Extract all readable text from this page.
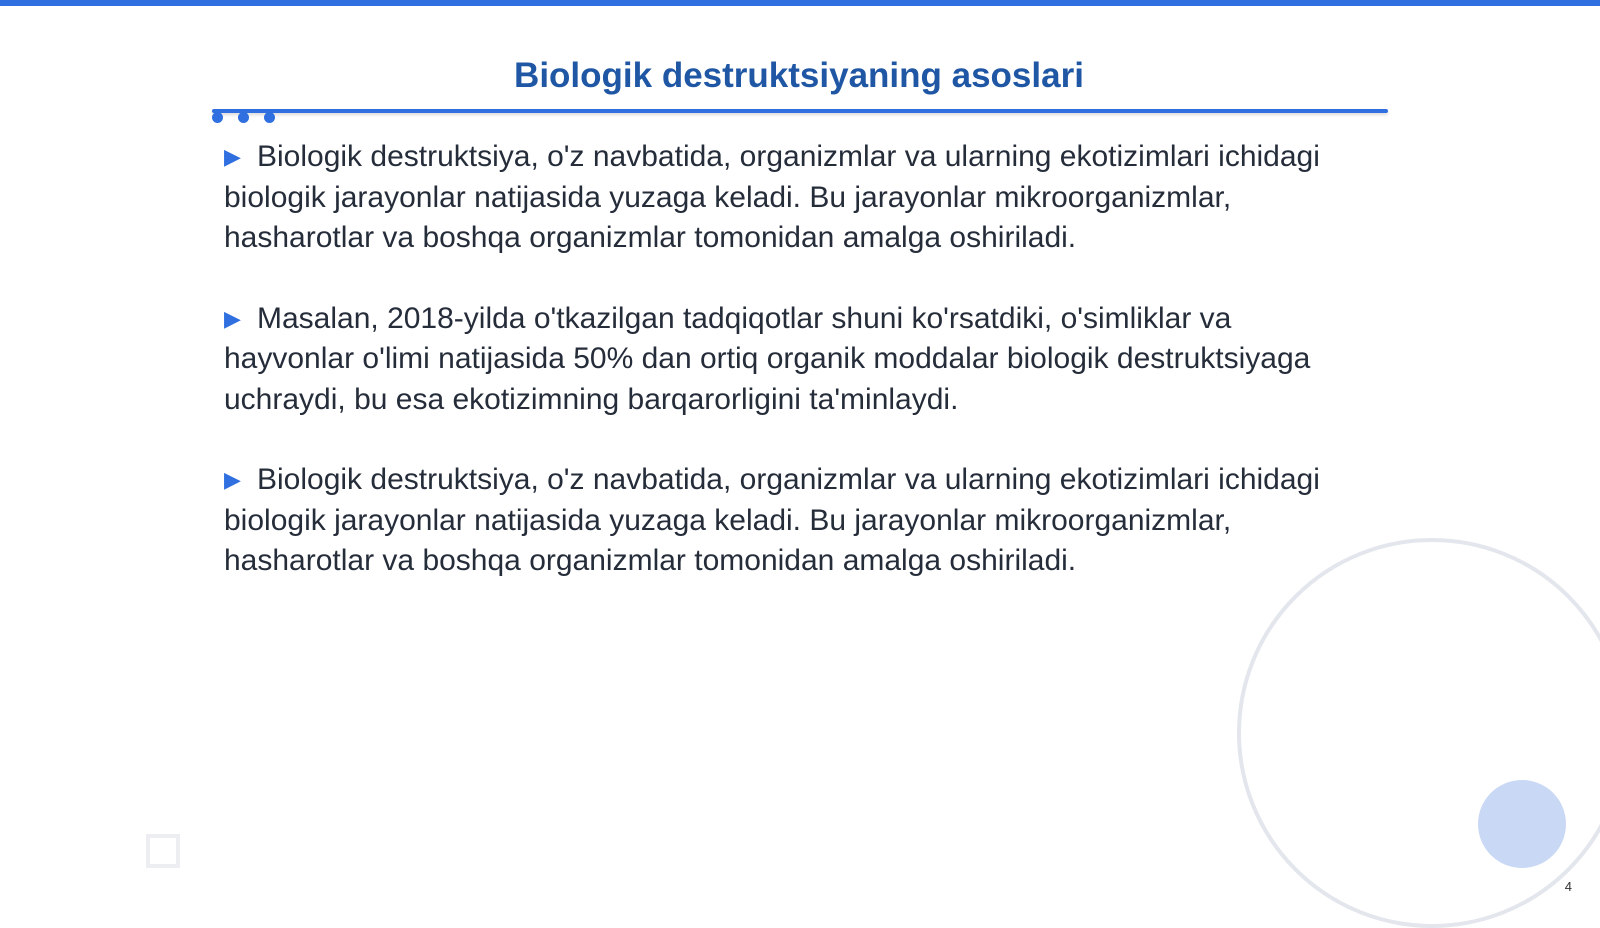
Biologik destruktsiyaning asoslari

▶ Biologik destruktsiya, o'z navbatida, organizmlar va ularning ekotizimlari ichidagi biologik jarayonlar natijasida yuzaga keladi. Bu jarayonlar mikroorganizmlar, hasharotlar va boshqa organizmlar tomonidan amalga oshiriladi.

▶ Masalan, 2018-yilda o'tkazilgan tadqiqotlar shuni ko'rsatdiki, o'simliklar va hayvonlar o'limi natijasida 50% dan ortiq organik moddalar biologik destruktsiyaga uchraydi, bu esa ekotizimning barqarorligini ta'minlaydi.

▶ Biologik destruktsiya, o'z navbatida, organizmlar va ularning ekotizimlari ichidagi biologik jarayonlar natijasida yuzaga keladi. Bu jarayonlar mikroorganizmlar, hasharotlar va boshqa organizmlar tomonidan amalga oshiriladi.

4
